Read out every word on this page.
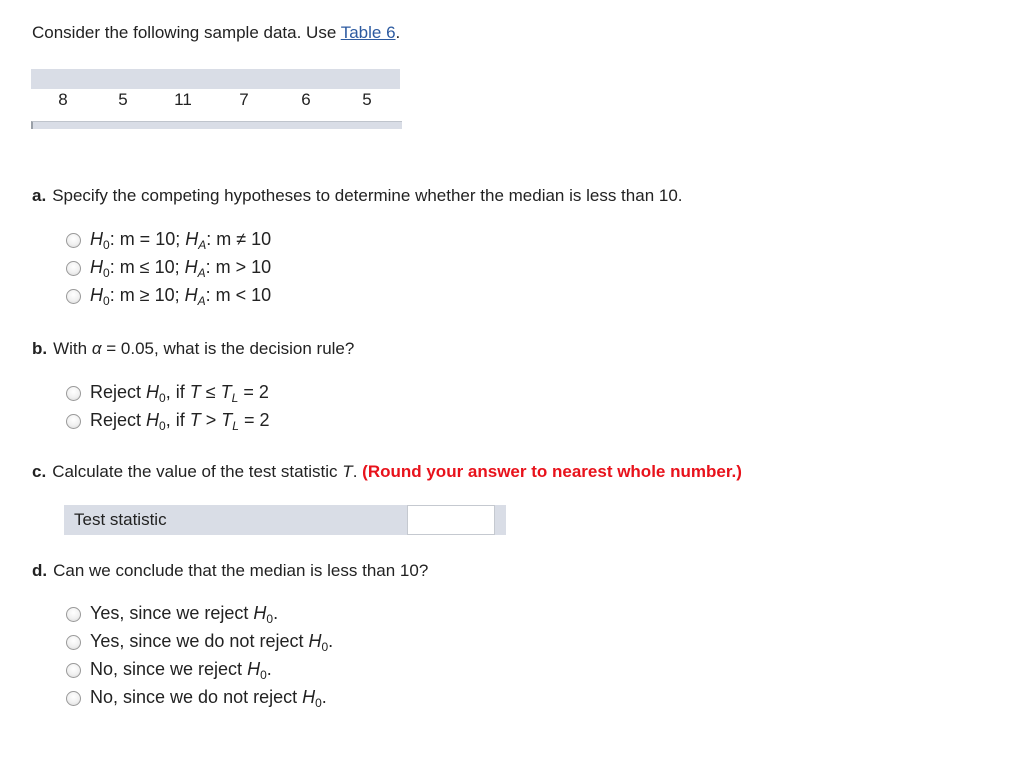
Consider the following sample data. Use Table 6.
8	5	11	7	6	5
a. Specify the competing hypotheses to determine whether the median is less than 10.
$H_0$: m = 10; $H_A$: m ≠ 10
$H_0$: m ≤ 10; $H_A$: m > 10
$H_0$: m ≥ 10; $H_A$: m < 10
b. With α = 0.05, what is the decision rule?
Reject $H_0$, if $T \le T_L = 2$
Reject $H_0$, if $T > T_L = 2$
c. Calculate the value of the test statistic T. (Round your answer to nearest whole number.)
Test statistic
d. Can we conclude that the median is less than 10?
Yes, since we reject $H_0$.
Yes, since we do not reject $H_0$.
No, since we reject $H_0$.
No, since we do not reject $H_0$.
